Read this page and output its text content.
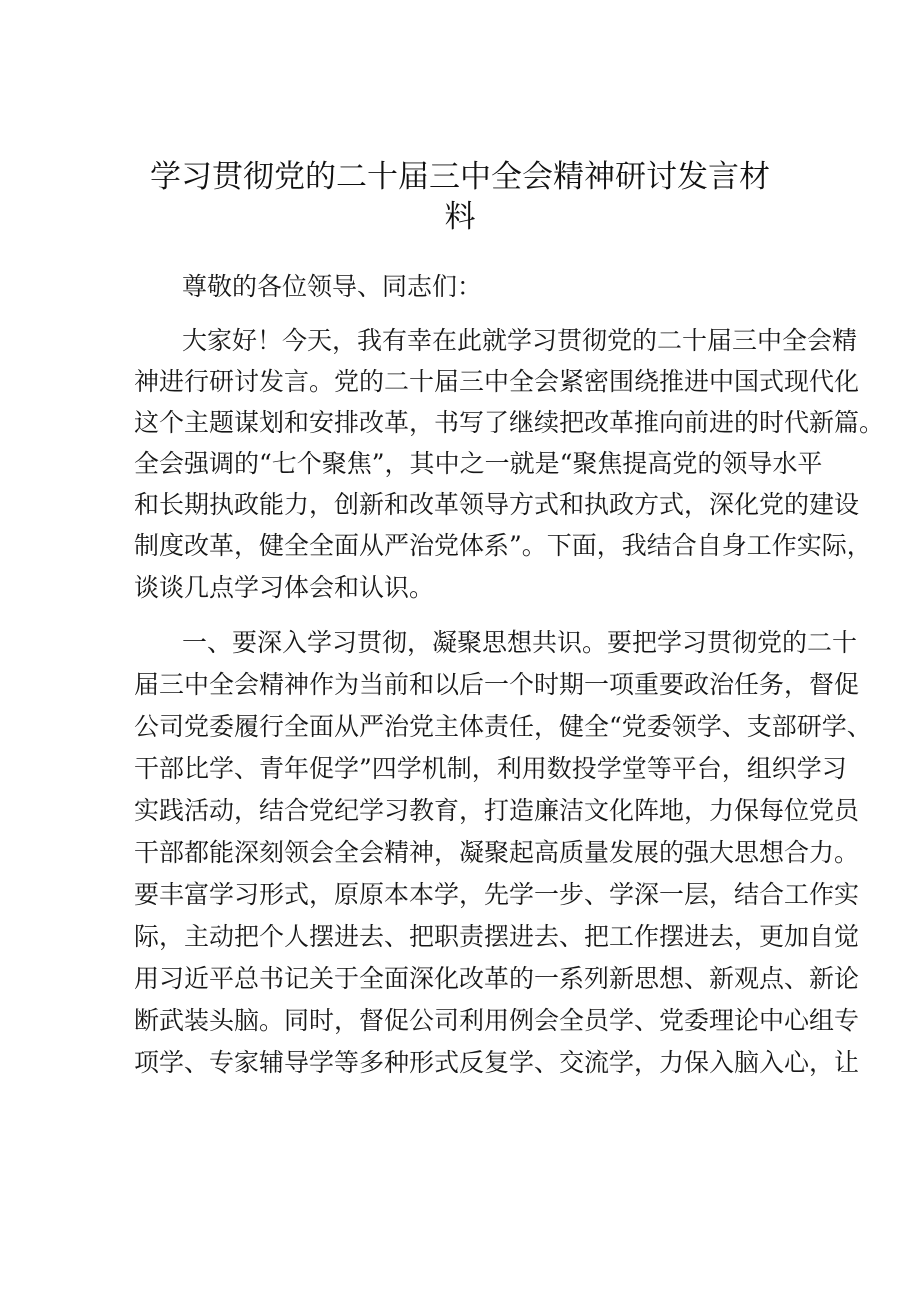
学习贯彻党的二十届三中全会精神研讨发言材
料
尊敬的各位领导、同志们：
大家好！今天，我有幸在此就学习贯彻党的二十届三中全会精
神进行研讨发言。党的二十届三中全会紧密围绕推进中国式现代化
这个主题谋划和安排改革，书写了继续把改革推向前进的时代新篇。
全会强调的“七个聚焦”，其中之一就是“聚焦提高党的领导水平
和长期执政能力，创新和改革领导方式和执政方式，深化党的建设
制度改革，健全全面从严治党体系”。下面，我结合自身工作实际，
谈谈几点学习体会和认识。
一、要深入学习贯彻，凝聚思想共识。要把学习贯彻党的二十
届三中全会精神作为当前和以后一个时期一项重要政治任务，督促
公司党委履行全面从严治党主体责任，健全“党委领学、支部研学、
干部比学、青年促学”四学机制，利用数投学堂等平台，组织学习
实践活动，结合党纪学习教育，打造廉洁文化阵地，力保每位党员
干部都能深刻领会全会精神，凝聚起高质量发展的强大思想合力。
要丰富学习形式，原原本本学，先学一步、学深一层，结合工作实
际，主动把个人摆进去、把职责摆进去、把工作摆进去，更加自觉
用习近平总书记关于全面深化改革的一系列新思想、新观点、新论
断武装头脑。同时，督促公司利用例会全员学、党委理论中心组专
项学、专家辅导学等多种形式反复学、交流学，力保入脑入心，让
